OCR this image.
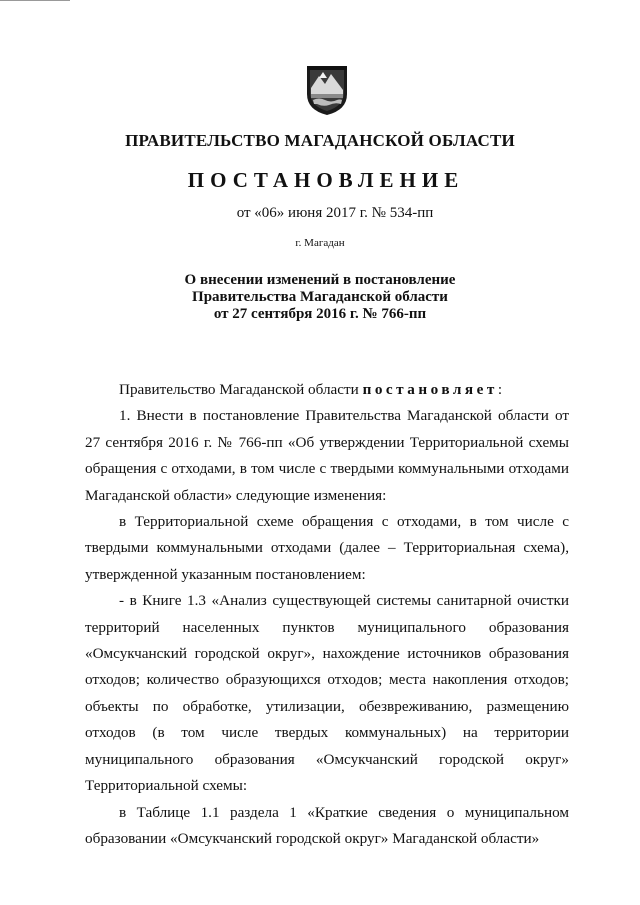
ПРАВИТЕЛЬСТВО МАГАДАНСКОЙ ОБЛАСТИ
ПОСТАНОВЛЕНИЕ
от «06» июня 2017 г. № 534-пп
г. Магадан
О внесении изменений в постановление
Правительства Магаданской области
от 27 сентября 2016 г. № 766-пп

Правительство Магаданской области постановляет:

1. Внести в постановление Правительства Магаданской области от 27 сентября 2016 г. № 766-пп «Об утверждении Территориальной схемы обращения с отходами, в том числе с твердыми коммунальными отходами Магаданской области» следующие изменения:

в Территориальной схеме обращения с отходами, в том числе с твердыми коммунальными отходами (далее – Территориальная схема), утвержденной указанным постановлением:

- в Книге 1.3 «Анализ существующей системы санитарной очистки территорий населенных пунктов муниципального образования «Омсукчанский городской округ», нахождение источников образования отходов; количество образующихся отходов; места накопления отходов; объекты по обработке, утилизации, обезвреживанию, размещению отходов (в том числе твердых коммунальных) на территории муниципального образования «Омсукчанский городской округ» Территориальной схемы:

в Таблице 1.1 раздела 1 «Краткие сведения о муниципальном образовании «Омсукчанский городской округ» Магаданской области»
